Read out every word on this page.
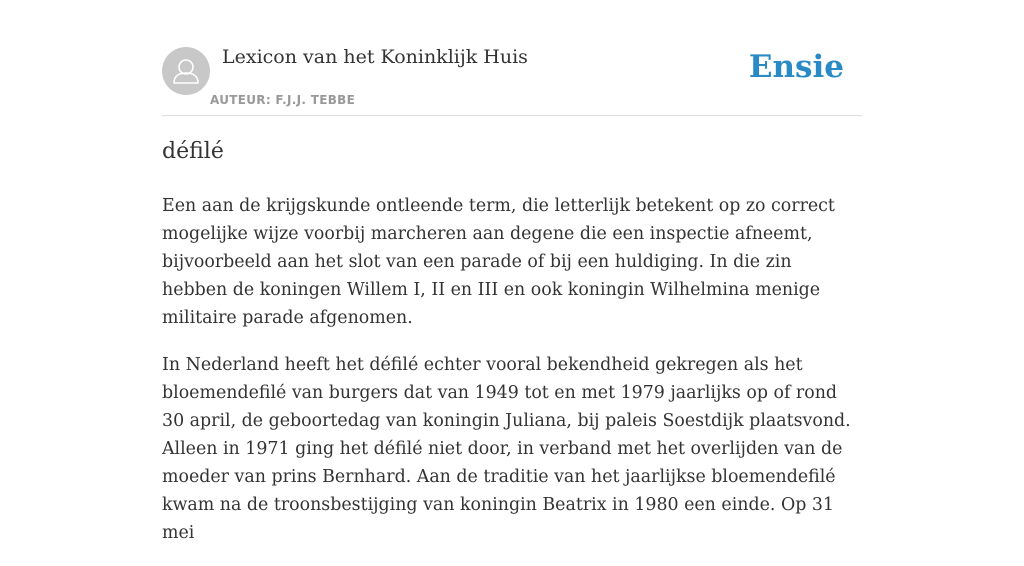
Lexicon van het Koninklijk Huis
AUTEUR: F.J.J. TEBBE
Ensie
défilé

Een aan de krijgskunde ontleende term, die letterlijk betekent op zo correct mogelijke wijze voorbij marcheren aan degene die een inspectie afneemt, bijvoorbeeld aan het slot van een parade of bij een huldiging. In die zin hebben de koningen Willem I, II en III en ook koningin Wilhelmina menige militaire parade afgenomen.

In Nederland heeft het défilé echter vooral bekendheid gekregen als het bloemendefilé van burgers dat van 1949 tot en met 1979 jaarlijks op of rond 30 april, de geboortedag van koningin Juliana, bij paleis Soestdijk plaatsvond. Alleen in 1971 ging het défilé niet door, in verband met het overlijden van de moeder van prins Bernhard. Aan de traditie van het jaarlijkse bloemendefilé kwam na de troonsbestijging van koningin Beatrix in 1980 een einde. Op 31 mei
